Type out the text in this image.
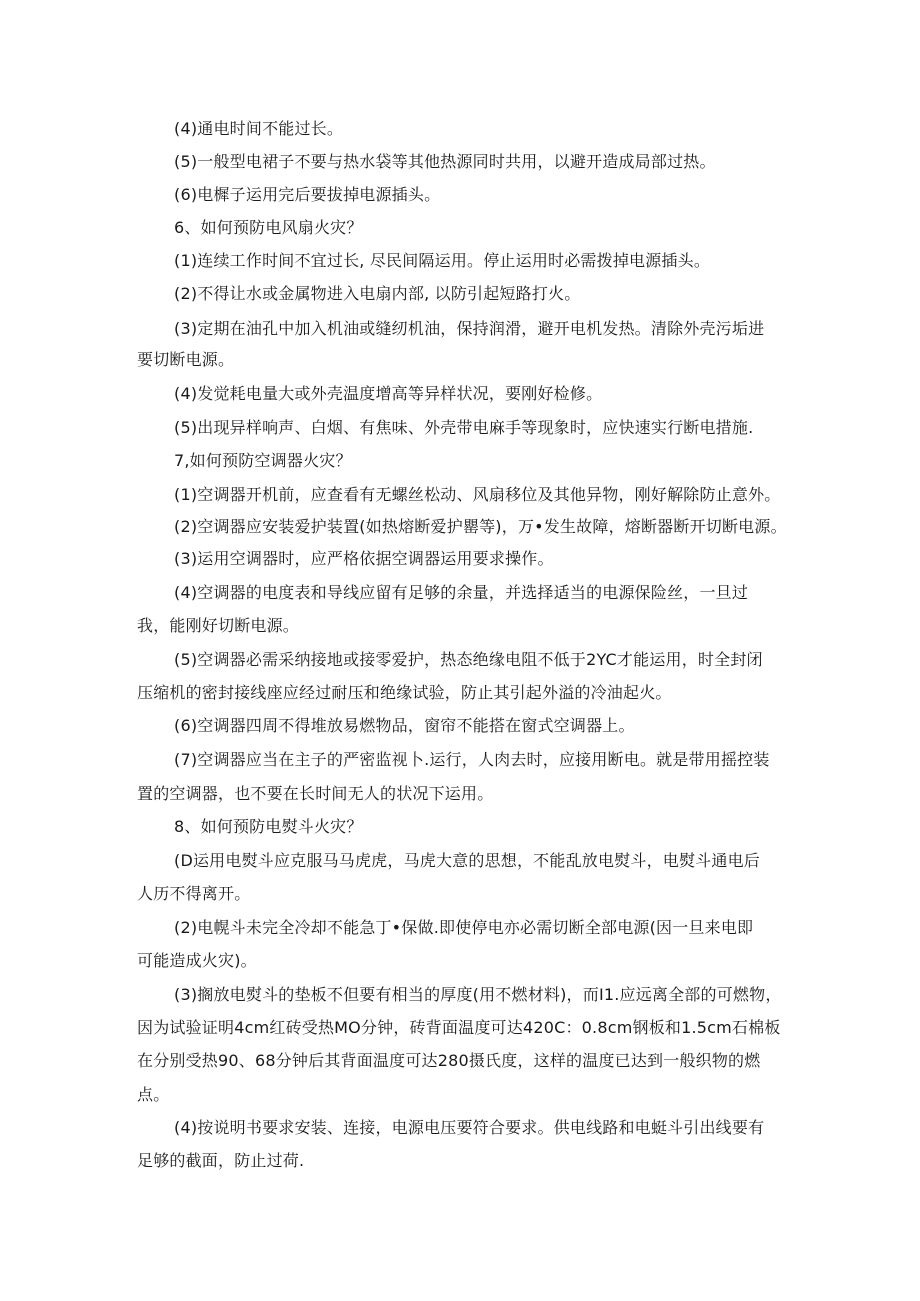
(4)通电时间不能过长。
(5)一般型电裙子不要与热水袋等其他热源同时共用，以避开造成局部过热。
(6)电樨子运用完后要拔掉电源插头。
6、如何预防电风扇火灾？
(1)连续工作时间不宜过长, 尽民间隔运用。停止运用时必需拨掉电源插头。
(2)不得让水或金属物进入电扇内部, 以防引起短路打火。
(3)定期在油孔中加入机油或缝纫机油，保持润滑，避开电机发热。清除外壳污垢进
要切断电源。
(4)发觉耗电量大或外壳温度增高等异样状况，要刚好检修。
(5)出现异样响声、白烟、有焦味、外壳带电麻手等现象时，应快速实行断电措施.
7,如何预防空调器火灾？
(1)空调器开机前，应查看有无螺丝松动、风扇移位及其他异物，刚好解除防止意外。
(2)空调器应安装爱护装置(如热熔断爱护罌等)，万•发生故障，熔断器断开切断电源。
(3)运用空调器时，应严格依据空调器运用要求操作。
(4)空调器的电度表和导线应留有足够的余量，并选择适当的电源保险丝，一旦过
我，能刚好切断电源。
(5)空调器必需采纳接地或接零爱护，热态绝缘电阻不低于2YC才能运用，时全封闭
压缩机的密封接线座应经过耐压和绝缘试验，防止其引起外溢的冷油起火。
(6)空调器四周不得堆放易燃物品，窗帘不能搭在窗式空调器上。
(7)空调器应当在主子的严密监视卜.运行，人肉去时，应接用断电。就是带用摇控装
置的空调器，也不要在长时间无人的状况下运用。
8、如何预防电熨斗火灾？
(D运用电熨斗应克服马马虎虎，马虎大意的思想，不能乱放电熨斗，电熨斗通电后
人历不得离开。
(2)电幌斗未完全冷却不能急丁•保做.即使停电亦必需切断全部电源(因一旦来电即
可能造成火灾)。
(3)搁放电熨斗的垫板不但要有相当的厚度(用不燃材料)，而I1.应远离全部的可燃物，
因为试验证明4cm红砖受热MO分钟，砖背面温度可达420C：0.8cm钢板和1.5cm石棉板
在分别受热90、68分钟后其背面温度可达280摄氏度，这样的温度已达到一般织物的燃
点。
(4)按说明书要求安装、连接，电源电压要符合要求。供电线路和电蜓斗引出线要有
足够的截面，防止过荷.
